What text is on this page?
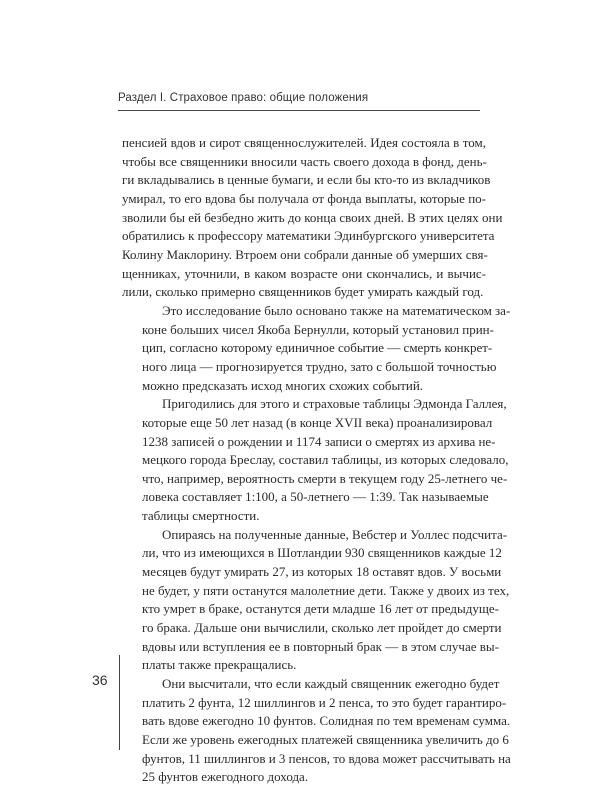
Раздел I. Страховое право: общие положения
пенсией вдов и сирот священнослужителей. Идея состояла в том,
чтобы все священники вносили часть своего дохода в фонд, день-
ги вкладывались в ценные бумаги, и если бы кто-то из вкладчиков
умирал, то его вдова бы получала от фонда выплаты, которые по-
зволили бы ей безбедно жить до конца своих дней. В этих целях они
обратились к профессору математики Эдинбургского университета
Колину Маклорину. Втроем они собрали данные об умерших свя-
щенниках, уточнили, в каком возрасте они скончались, и вычис-
лили, сколько примерно священников будет умирать каждый год.
Это исследование было основано также на математическом за-
коне больших чисел Якоба Бернулли, который установил прин-
цип, согласно которому единичное событие — смерть конкрет-
ного лица — прогнозируется трудно, зато с большой точностью
можно предсказать исход многих схожих событий.
Пригодились для этого и страховые таблицы Эдмонда Галлея,
которые еще 50 лет назад (в конце XVII века) проанализировал
1238 записей о рождении и 1174 записи о смертях из архива не-
мецкого города Бреслау, составил таблицы, из которых следовало,
что, например, вероятность смерти в текущем году 25-летнего че-
ловека составляет 1:100, а 50-летнего — 1:39. Так называемые
таблицы смертности.
Опираясь на полученные данные, Вебстер и Уоллес подсчита-
ли, что из имеющихся в Шотландии 930 священников каждые 12
месяцев будут умирать 27, из которых 18 оставят вдов. У восьми
не будет, у пяти останутся малолетние дети. Также у двоих из тех,
кто умрет в браке, останутся дети младше 16 лет от предыдуще-
го брака. Дальше они вычислили, сколько лет пройдет до смерти
вдовы или вступления ее в повторный брак — в этом случае вы-
платы также прекращались.
Они высчитали, что если каждый священник ежегодно будет
платить 2 фунта, 12 шиллингов и 2 пенса, то это будет гарантиро-
вать вдове ежегодно 10 фунтов. Солидная по тем временам сумма.
Если же уровень ежегодных платежей священника увеличить до 6
фунтов, 11 шиллингов и 3 пенсов, то вдова может рассчитывать на
25 фунтов ежегодного дохода.
36
